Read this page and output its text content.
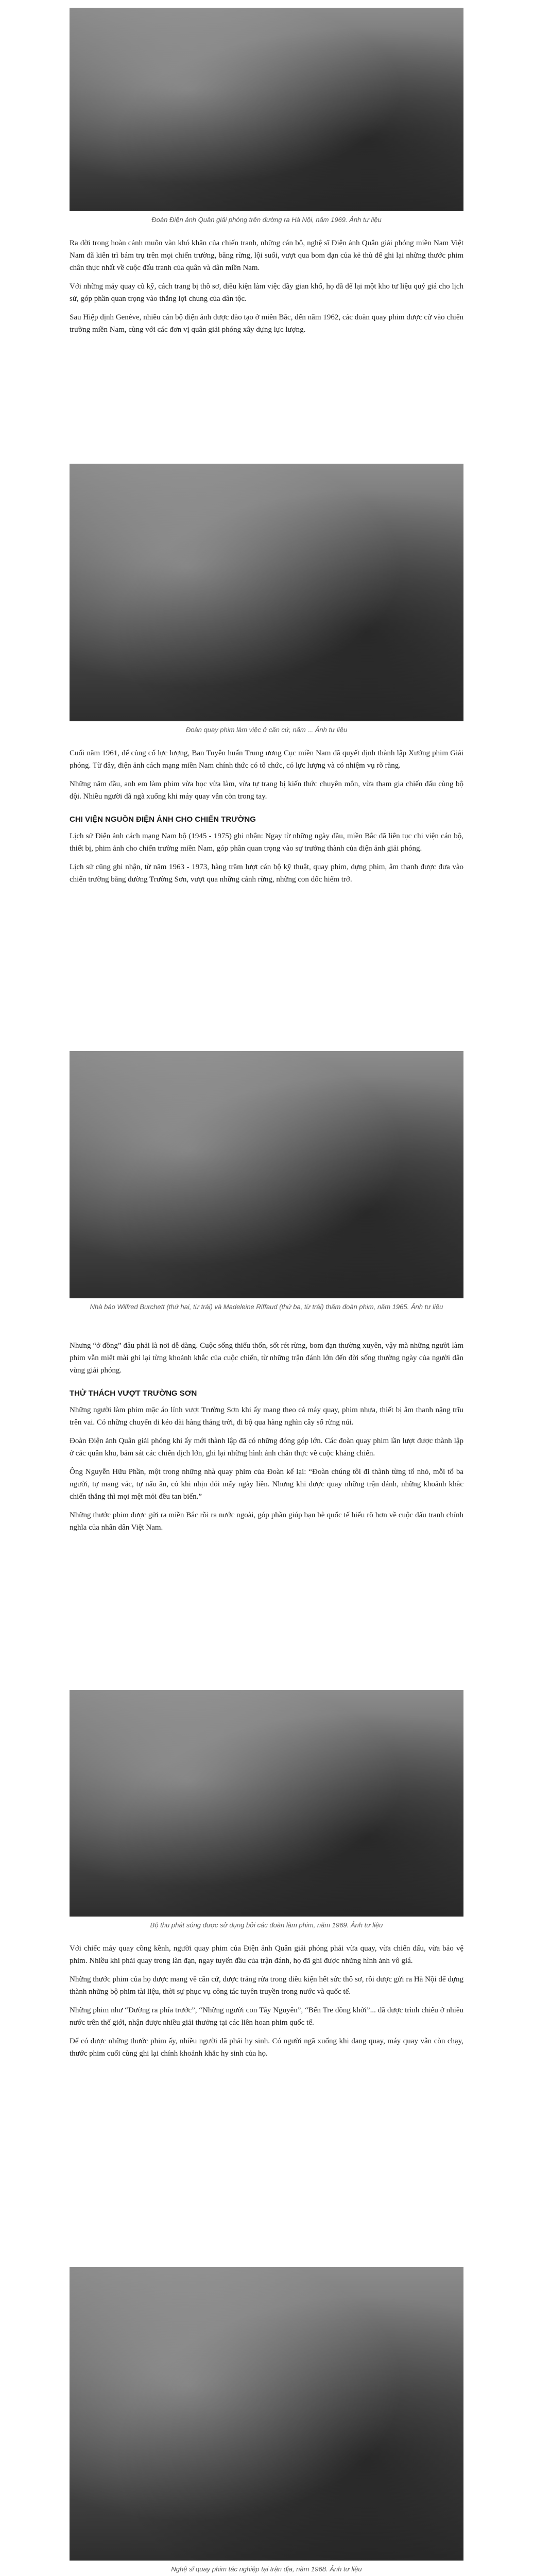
Đoàn Điện ảnh Quân giải phóng trên đường ra Hà Nội, năm 1969. Ảnh tư liệu

Ra đời trong hoàn cảnh muôn vàn khó khăn của chiến tranh, những cán bộ, nghệ sĩ Điện ảnh Quân giải phóng miền Nam Việt Nam đã kiên trì bám trụ trên mọi chiến trường, băng rừng, lội suối, vượt qua bom đạn của kẻ thù để ghi lại những thước phim chân thực nhất về cuộc đấu tranh của quân và dân miền Nam.

Với những máy quay cũ kỹ, cách trang bị thô sơ, điều kiện làm việc đầy gian khổ, họ đã để lại một kho tư liệu quý giá cho lịch sử, góp phần quan trọng vào thắng lợi chung của dân tộc.

Sau Hiệp định Genève, nhiều cán bộ điện ảnh được đào tạo ở miền Bắc, đến năm 1962, các đoàn quay phim được cử vào chiến trường miền Nam, cùng với các đơn vị quân giải phóng xây dựng lực lượng.

Đoàn quay phim làm việc ở căn cứ, năm ... Ảnh tư liệu

Cuối năm 1961, để củng cố lực lượng, Ban Tuyên huấn Trung ương Cục miền Nam đã quyết định thành lập Xưởng phim Giải phóng. Từ đây, điện ảnh cách mạng miền Nam chính thức có tổ chức, có lực lượng và có nhiệm vụ rõ ràng.

Những năm đầu, anh em làm phim vừa học vừa làm, vừa tự trang bị kiến thức chuyên môn, vừa tham gia chiến đấu cùng bộ đội. Nhiều người đã ngã xuống khi máy quay vẫn còn trong tay.

CHI VIỆN NGUỒN ĐIỆN ẢNH CHO CHIẾN TRƯỜNG

Lịch sử Điện ảnh cách mạng Nam bộ (1945 - 1975) ghi nhận: Ngay từ những ngày đầu, miền Bắc đã liên tục chi viện cán bộ, thiết bị, phim ảnh cho chiến trường miền Nam, góp phần quan trọng vào sự trưởng thành của điện ảnh giải phóng.

Lịch sử cũng ghi nhận, từ năm 1963 - 1973, hàng trăm lượt cán bộ kỹ thuật, quay phim, dựng phim, âm thanh được đưa vào chiến trường bằng đường Trường Sơn, vượt qua những cánh rừng, những con dốc hiểm trở.

Nhà báo Wilfred Burchett (thứ hai, từ trái) và Madeleine Riffaud (thứ ba, từ trái) thăm đoàn phim, năm 1965. Ảnh tư liệu

Nhưng “ở đồng” đâu phải là nơi dễ dàng. Cuộc sống thiếu thốn, sốt rét rừng, bom đạn thường xuyên, vậy mà những người làm phim vẫn miệt mài ghi lại từng khoảnh khắc của cuộc chiến, từ những trận đánh lớn đến đời sống thường ngày của người dân vùng giải phóng.

THỬ THÁCH VƯỢT TRƯỜNG SƠN

Những người làm phim mặc áo lính vượt Trường Sơn khi ấy mang theo cả máy quay, phim nhựa, thiết bị âm thanh nặng trĩu trên vai. Có những chuyến đi kéo dài hàng tháng trời, đi bộ qua hàng nghìn cây số rừng núi.

Đoàn Điện ảnh Quân giải phóng khi ấy mới thành lập đã có những đóng góp lớn. Các đoàn quay phim lần lượt được thành lập ở các quân khu, bám sát các chiến dịch lớn, ghi lại những hình ảnh chân thực về cuộc kháng chiến.

Ông Nguyễn Hữu Phần, một trong những nhà quay phim của Đoàn kể lại: “Đoàn chúng tôi đi thành từng tổ nhỏ, mỗi tổ ba người, tự mang vác, tự nấu ăn, có khi nhịn đói mấy ngày liền. Nhưng khi được quay những trận đánh, những khoảnh khắc chiến thắng thì mọi mệt mỏi đều tan biến.”

Những thước phim được gửi ra miền Bắc rồi ra nước ngoài, góp phần giúp bạn bè quốc tế hiểu rõ hơn về cuộc đấu tranh chính nghĩa của nhân dân Việt Nam.

Bộ thu phát sóng được sử dụng bởi các đoàn làm phim, năm 1969. Ảnh tư liệu

Với chiếc máy quay cồng kềnh, người quay phim của Điện ảnh Quân giải phóng phải vừa quay, vừa chiến đấu, vừa bảo vệ phim. Nhiều khi phải quay trong làn đạn, ngay tuyến đầu của trận đánh, họ đã ghi được những hình ảnh vô giá.

Những thước phim của họ được mang về căn cứ, được tráng rửa trong điều kiện hết sức thô sơ, rồi được gửi ra Hà Nội để dựng thành những bộ phim tài liệu, thời sự phục vụ công tác tuyên truyền trong nước và quốc tế.

Những phim như “Đường ra phía trước”, “Những người con Tây Nguyên”, “Bến Tre đồng khởi”... đã được trình chiếu ở nhiều nước trên thế giới, nhận được nhiều giải thưởng tại các liên hoan phim quốc tế.

Để có được những thước phim ấy, nhiều người đã phải hy sinh. Có người ngã xuống khi đang quay, máy quay vẫn còn chạy, thước phim cuối cùng ghi lại chính khoảnh khắc hy sinh của họ.

Nghệ sĩ quay phim tác nghiệp tại trận địa, năm 1968. Ảnh tư liệu
